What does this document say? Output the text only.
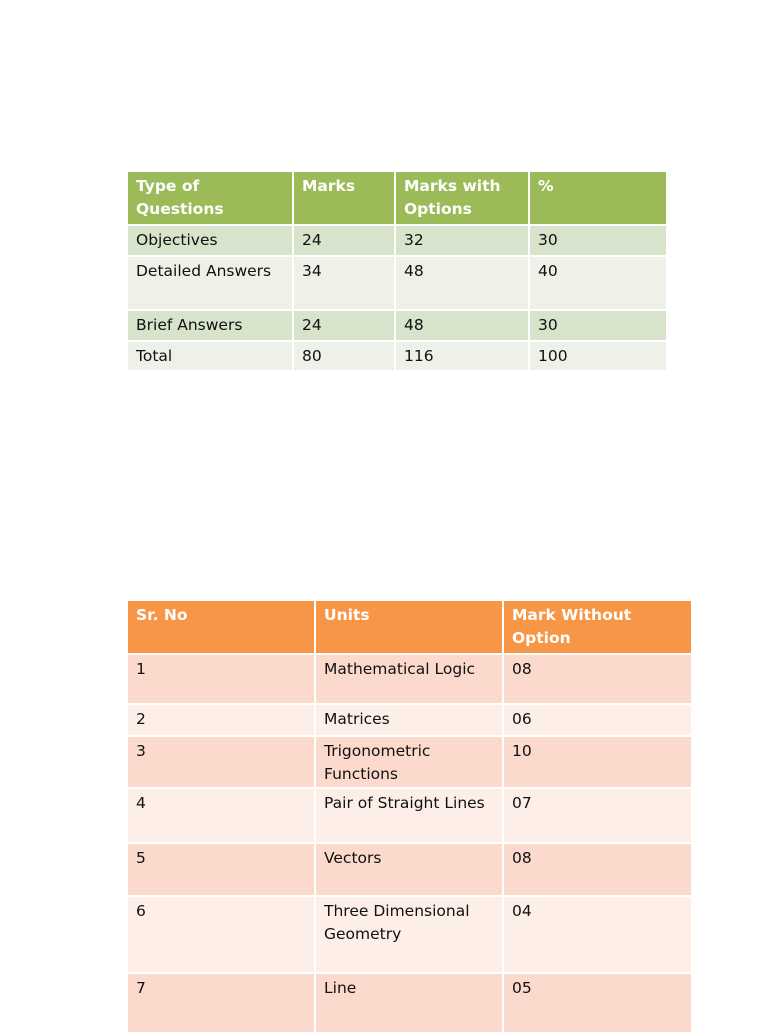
Type of Questions	Marks	Marks with Options	%
Objectives	24	32	30
Detailed Answers	34	48	40
Brief Answers	24	48	30
Total	80	116	100
Sr. No	Units	Mark Without Option
1	Mathematical Logic	08
2	Matrices	06
3	Trigonometric Functions	10
4	Pair of Straight Lines	07
5	Vectors	08
6	Three Dimensional Geometry	04
7	Line	05
